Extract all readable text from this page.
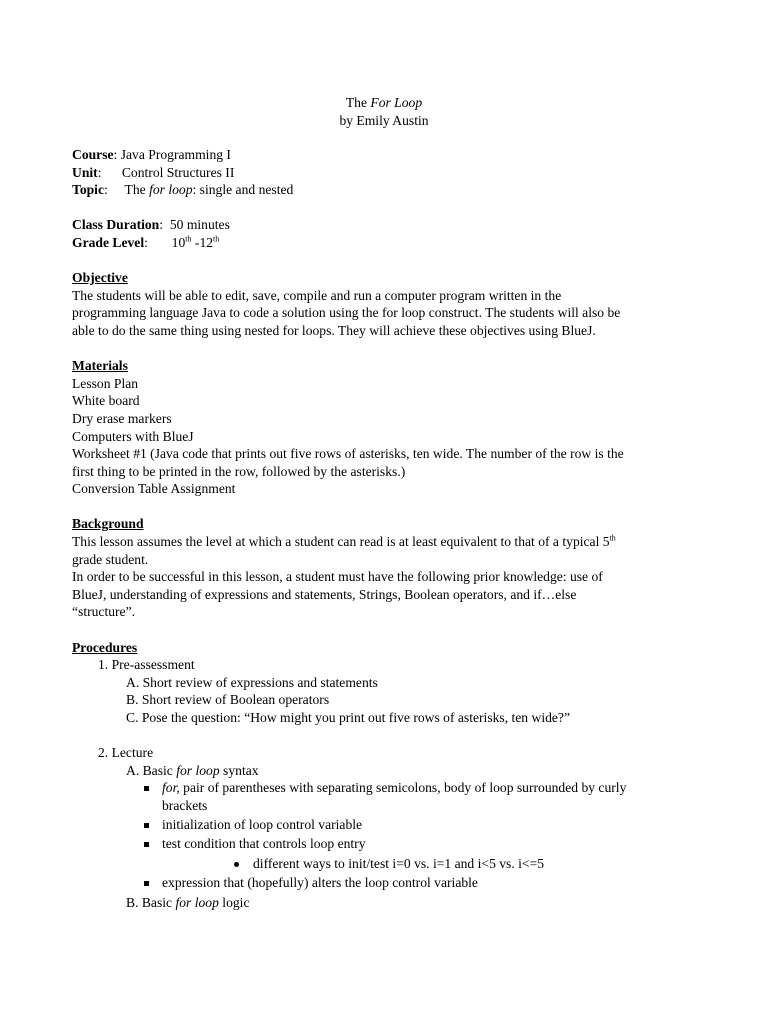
The For Loop
by Emily Austin
Course: Java Programming I
Unit:      Control Structures II
Topic:     The for loop: single and nested
Class Duration:  50 minutes
Grade Level:       10th -12th
Objective
The students will be able to edit, save, compile and run a computer program written in the
programming language Java to code a solution using the for loop construct. The students will also be
able to do the same thing using nested for loops. They will achieve these objectives using BlueJ.
Materials
Lesson Plan
White board
Dry erase markers
Computers with BlueJ
Worksheet #1 (Java code that prints out five rows of asterisks, ten wide. The number of the row is the
first thing to be printed in the row, followed by the asterisks.)
Conversion Table Assignment
Background
This lesson assumes the level at which a student can read is at least equivalent to that of a typical 5th
grade student.
In order to be successful in this lesson, a student must have the following prior knowledge: use of
BlueJ, understanding of expressions and statements, Strings, Boolean operators, and if…else
“structure”.
Procedures
1. Pre-assessment
A. Short review of expressions and statements
B. Short review of Boolean operators
C. Pose the question: “How might you print out five rows of asterisks, ten wide?”
2. Lecture
A. Basic for loop syntax
for, pair of parentheses with separating semicolons, body of loop surrounded by curly
brackets
initialization of loop control variable
test condition that controls loop entry
different ways to init/test i=0 vs. i=1 and i<5 vs. i<=5
expression that (hopefully) alters the loop control variable
B. Basic for loop logic
